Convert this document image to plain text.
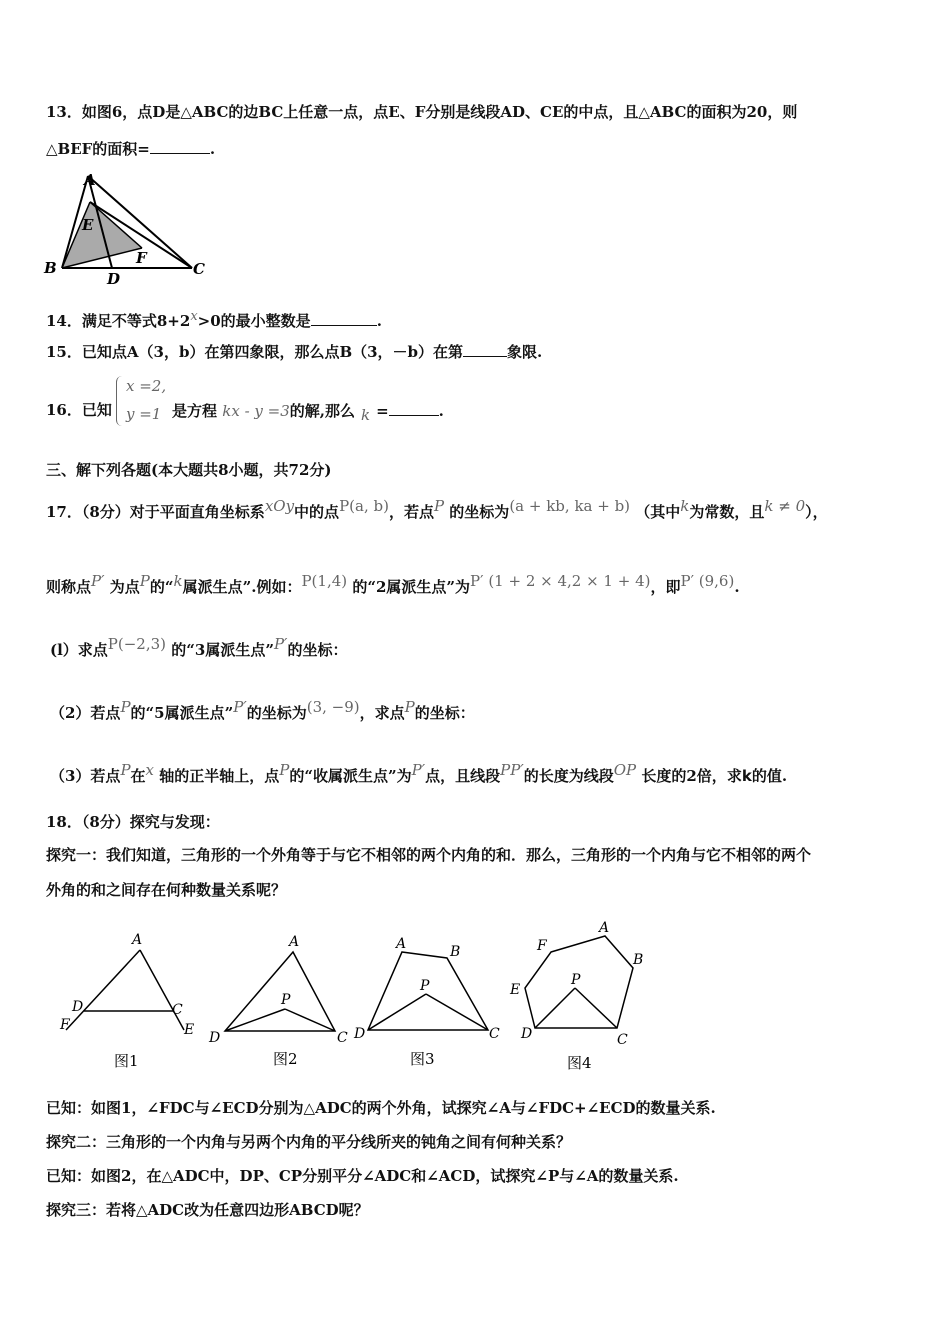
13．如图6，点D是△ABC的边BC上任意一点，点E、F分别是线段AD、CE的中点，且△ABC的面积为20，则
△BEF的面积=	.
A
E
B
D
F
C
14．满足不等式$8+2^x>0$的最小整数是	.
15．已知点A（3，b）在第四象限，那么点B（3，－b）在第	象限.
16．已知
x =2,
y =1 是方程 kx - y =3的解,那么 $_k$ =	.
三、解下列各题(本大题共8小题，共72分)
17．（8分）对于平面直角坐标系$^{xOy}$中的点$^{P(a, b)}$，若点$^P$ 的坐标为$^{(a + kb, ka + b)}$ （其中$^k$为常数，且$^{k \ne 0}$），
则称点$^{P'}$ 为点$^P$的“$^k$属派生点”.例如：$^{P(1,4)}$ 的“2属派生点”为$^{P' (1 + 2 \times 4,2 \times 1 + 4)}$，即$^{P' (9,6)}$.
(l）求点$^{P(-2,3)}$ 的“3属派生点”$^{P'}$的坐标：
（2）若点$^P$的“5属派生点”$^{P'}$的坐标为$^{(3, -9)}$，求点$^P$的坐标：
（3）若点$^P$在$^x$ 轴的正半轴上，点$^P$的“收属派生点”为$^{P'}$点，且线段$^{PP'}$的长度为线段$^{OP}$ 长度的2倍，求k的值.
18．（8分）探究与发现：
探究一：我们知道，三角形的一个外角等于与它不相邻的两个内角的和．那么，三角形的一个内角与它不相邻的两个
外角的和之间存在何种数量关系呢？
A
D	C
F	E
图1
A
P
D	C
图2
A	B
P
D	C
图3
F
A
B
E
P
D	C
图4
已知：如图1，∠FDC与∠ECD分别为△ADC的两个外角，试探究∠A与∠FDC+∠ECD的数量关系.
探究二：三角形的一个内角与另两个内角的平分线所夹的钝角之间有何种关系？
已知：如图2，在△ADC中，DP、CP分别平分∠ADC和∠ACD，试探究∠P与∠A的数量关系.
探究三：若将△ADC改为任意四边形ABCD呢？
